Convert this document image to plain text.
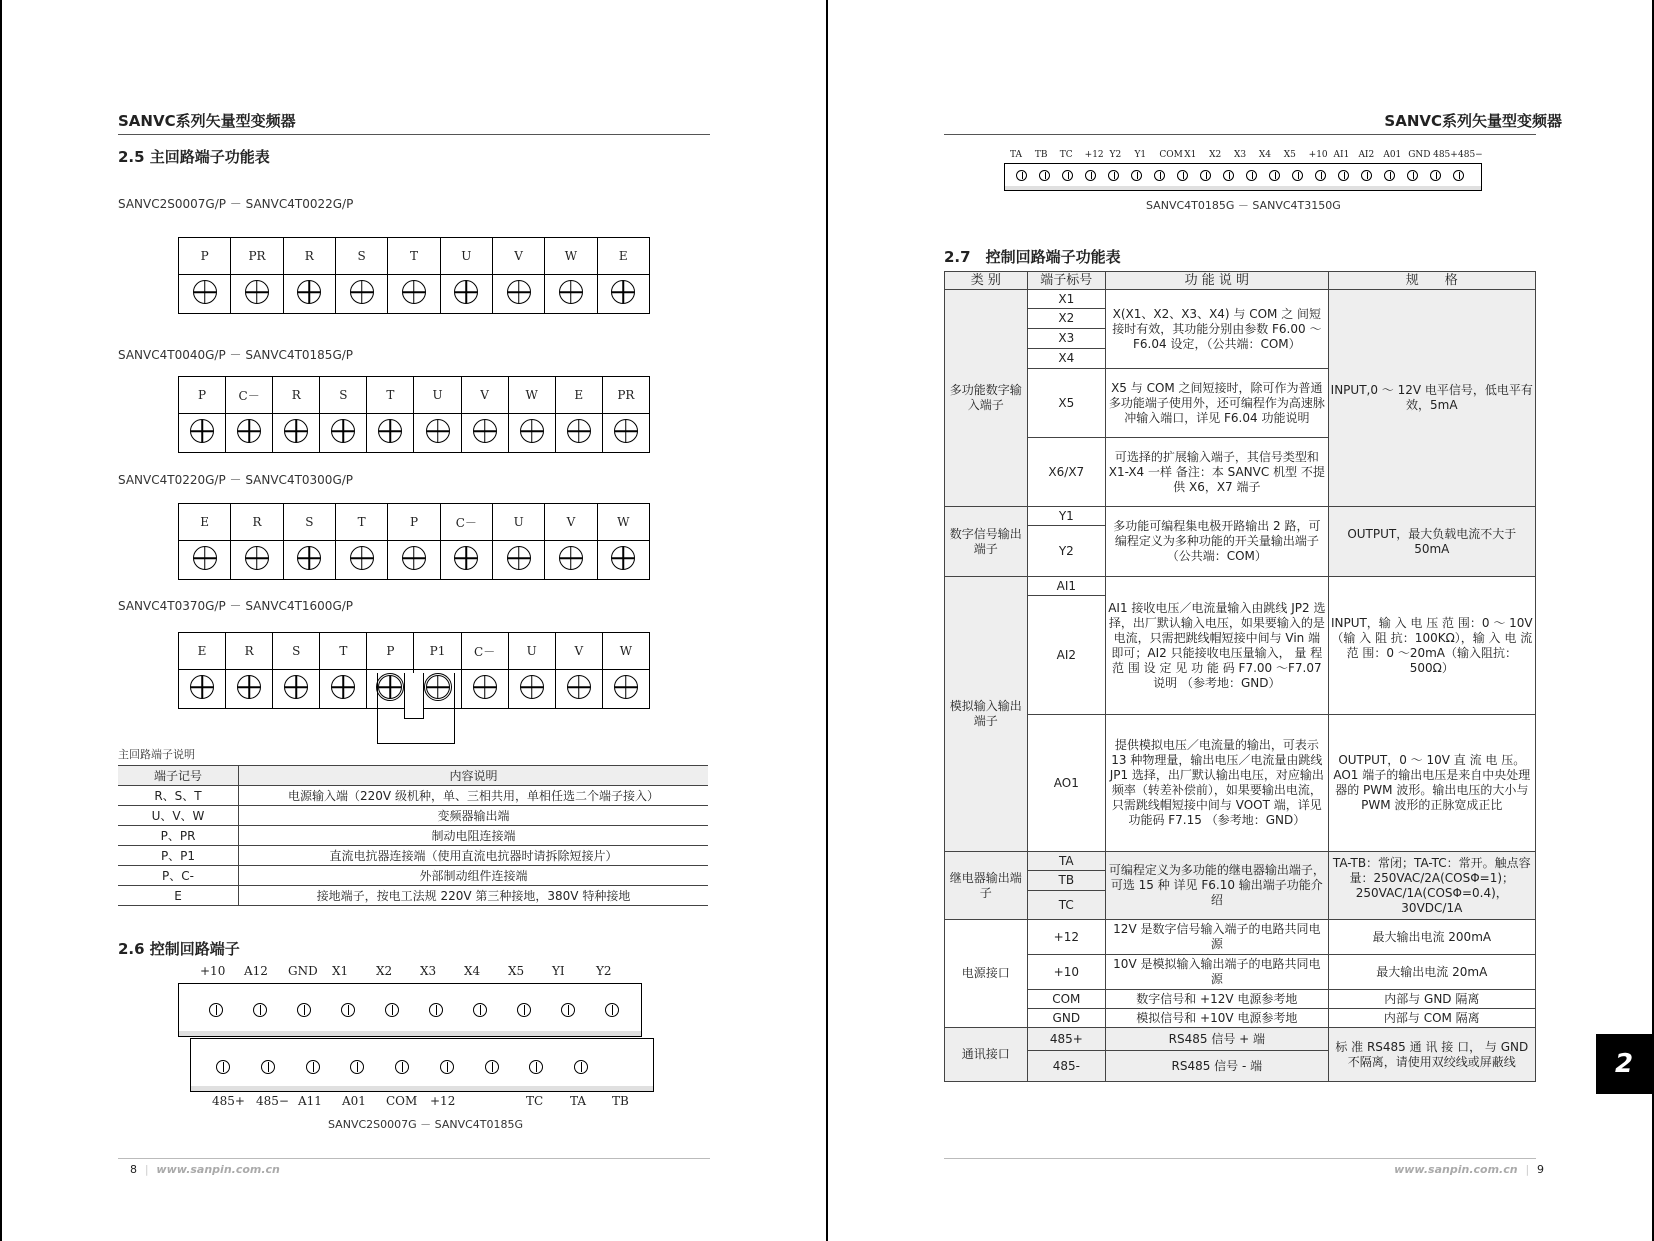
SANVC系列矢量型变频器
2.5 主回路端子功能表
SANVC2S0007G/P － SANVC4T0022G/P
P	PR	R	S	T	U	V	W	E

SANVC4T0040G/P － SANVC4T0185G/P
P	C－	R	S	T	U	V	W	E	PR

SANVC4T0220G/P － SANVC4T0300G/P
E	R	S	T	P	C－	U	V	W

SANVC4T0370G/P － SANVC4T1600G/P
E	R	S	T	P	P1	C－	U	V	W

主回路端子说明
端子记号	内容说明
R、S、T	电源输入端（220V 级机种，单、三相共用，单相任选二个端子接入）
U、V、W	变频器输出端
P、PR	制动电阻连接端
P、P1	直流电抗器连接端（使用直流电抗器时请拆除短接片）
P、C-	外部制动组件连接端
E	接地端子，按电工法规 220V 第三种接地，380V 特种接地
2.6 控制回路端子
+10 A12 GND X1 X2 X3 X4 X5 YI	Y2
485+ 485− A11 A01 COM +12	TC TA TB
SANVC2S0007G － SANVC4T0185G
8 | www.sanpin.com.cn
SANVC系列矢量型变频器
TA TB TC +12 Y2 Y1 COM X1 X2 X3 X4 X5 +10 AI1 AI2 A01 GND 485+ 485−
SANVC4T0185G － SANVC4T3150G
2.7　控制回路端子功能表
类 别	端子标号	功 能 说 明	规　　格
多功能数字输入端子	X1	X(X1、X2、X3、X4) 与 COM 之 间短接时有效，其功能分别由参数 F6.00 ～F6.04 设定，（公共端：COM）	INPUT,0 ～ 12V 电平信号，低电平有效，5mA
	X2		
	X3		
	X4		
	X5	X5 与 COM 之间短接时，除可作为普通多功能端子使用外，还可编程作为高速脉冲输入端口，详见 F6.04 功能说明	
	X6/X7	可选择的扩展输入端子，其信号类型和 X1-X4 一样 备注：本 SANVC 机型 不提供 X6，X7 端子	
数字信号输出端子	Y1	多功能可编程集电极开路输出 2 路，可编程定义为多种功能的开关量输出端子 （公共端：COM）	OUTPUT，最大负载电流不大于 50mA
	Y2		
模拟输入输出端子	AI1	AI1 接收电压／电流量输入由跳线 JP2 选择，出厂默认输入电压，如果要输入的是电流，只需把跳线帽短接中间与 Vin 端即可；AI2 只能接收电压量输入， 量 程 范 围 设 定 见 功 能 码 F7.00 ～F7.07 说明 （参考地：GND）	INPUT，输 入 电 压 范 围：0 ～ 10V（输 入 阻 抗：100KΩ），输 入 电 流 范 围：0 ～20mA（输入阻抗：500Ω）
	AI2		
	AO1	提供模拟电压／电流量的输出，可表示 13 种物理量，输出电压／电流量由跳线 JP1 选择，出厂默认输出电压，对应输出频率（转差补偿前），如果要输出电流，只需跳线帽短接中间与 VOOT 端，详见功能码 F7.15 （参考地：GND）	OUTPUT，0 ～ 10V 直 流 电 压。AO1 端子的输出电压是来自中央处理器的 PWM 波形。输出电压的大小与 PWM 波形的正脉宽成正比
继电器输出端子	TA	可编程定义为多功能的继电器输出端子，可选 15 种 详见 F6.10 输出端子功能介绍	TA-TB：常闭；TA-TC：常开。触点容量：250VAC/2A(COSΦ=1)；250VAC/1A(COSΦ=0.4)，30VDC/1A
	TB		
	TC		
电源接口	+12	12V 是数字信号输入端子的电路共同电源	最大输出电流 200mA
	+10	10V 是模拟输入输出端子的电路共同电源	最大输出电流 20mA
	COM	数字信号和 +12V 电源参考地	内部与 GND 隔离
	GND	模拟信号和 +10V 电源参考地	内部与 COM 隔离
通讯接口	485+	RS485 信号 + 端	标 准 RS485 通 讯 接 口， 与 GND 不隔离，请使用双绞线或屏蔽线
	485-	RS485 信号 - 端		2
www.sanpin.com.cn | 9
